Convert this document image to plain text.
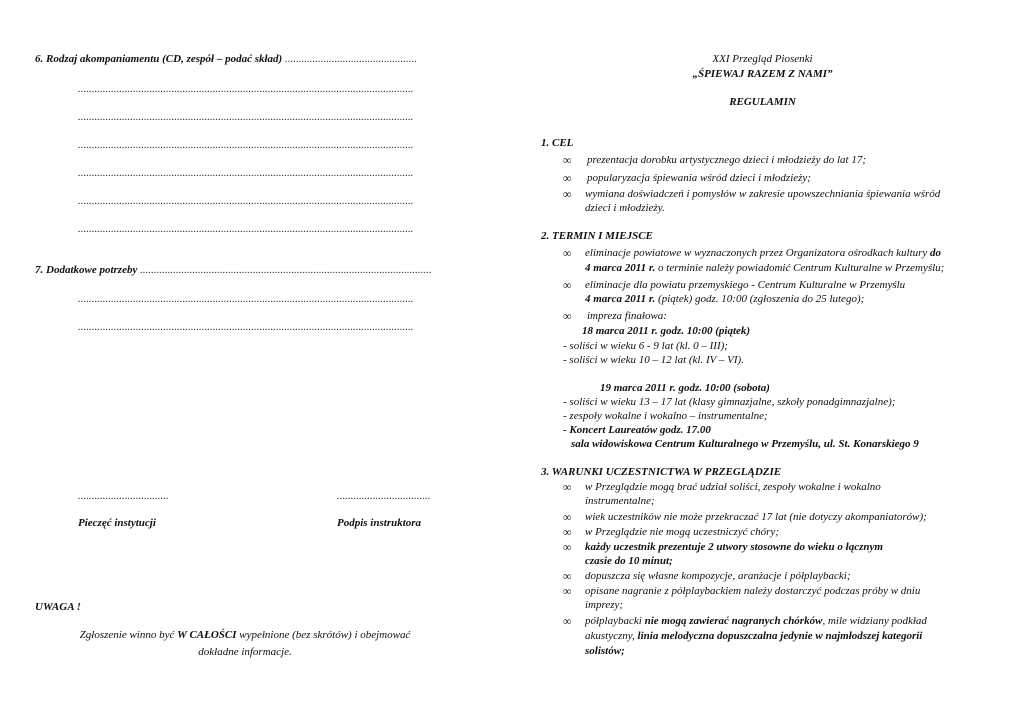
6. Rodzaj akompaniamentu (CD, zespół – podać skład) ................................................
..........................................................................................................................
..........................................................................................................................
..........................................................................................................................
..........................................................................................................................
..........................................................................................................................
..........................................................................................................................
7. Dodatkowe potrzeby ..........................................................................................................
..........................................................................................................................
..........................................................................................................................
.................................	..................................
Pieczęć instytucji	Podpis instruktora
UWAGA !
Zgłoszenie winno być W CAŁOŚCI wypełnione (bez skrótów) i obejmować
dokładne informacje.
XXI Przegląd Piosenki
„ŚPIEWAJ RAZEM Z NAMI”
REGULAMIN
1. CEL
∞ prezentacja dorobku artystycznego dzieci i młodzieży do lat 17;
∞ popularyzacja śpiewania wśród dzieci i młodzieży;
∞ wymiana doświadczeń i pomysłów w zakresie upowszechniania śpiewania wśród
dzieci i młodzieży.
2. TERMIN I MIEJSCE
∞ eliminacje powiatowe w wyznaczonych przez Organizatora ośrodkach kultury do
4 marca 2011 r. o terminie należy powiadomić Centrum Kulturalne w Przemyślu;
∞ eliminacje dla powiatu przemyskiego - Centrum Kulturalne w Przemyślu
4 marca 2011 r. (piątek) godz. 10:00 (zgłoszenia do 25 lutego);
∞ impreza finałowa:
18 marca 2011 r. godz. 10:00 (piątek)
- soliści w wieku 6 - 9 lat (kl. 0 – III);
- soliści w wieku 10 – 12 lat (kl. IV – VI).
19 marca 2011 r. godz. 10:00 (sobota)
- soliści w wieku 13 – 17 lat (klasy gimnazjalne, szkoły ponadgimnazjalne);
- zespoły wokalne i wokalno – instrumentalne;
- Koncert Laureatów godz. 17.00
sala widowiskowa Centrum Kulturalnego w Przemyślu, ul. St. Konarskiego 9
3. WARUNKI UCZESTNICTWA W PRZEGLĄDZIE
∞ w Przeglądzie mogą brać udział soliści, zespoły wokalne i wokalno
instrumentalne;
∞ wiek uczestników nie może przekraczać 17 lat (nie dotyczy akompaniatorów);
∞ w Przeglądzie nie mogą uczestniczyć chóry;
∞ każdy uczestnik prezentuje 2 utwory stosowne do wieku o łącznym
czasie do 10 minut;
∞ dopuszcza się własne kompozycje, aranżacje i półplaybacki;
∞ opisane nagranie z półplaybackiem należy dostarczyć podczas próby w dniu
imprezy;
∞ półplaybacki nie mogą zawierać nagranych chórków, mile widziany podkład
akustyczny, linia melodyczna dopuszczalna jedynie w najmłodszej kategorii
solistów;
